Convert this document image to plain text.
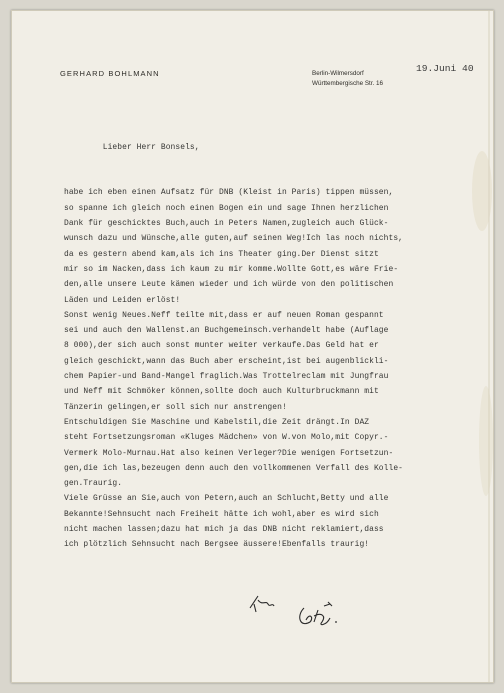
GERHARD BOHLMANN	Berlin-Wilmersdorf
Württembergische Str. 16
19.Juni 40

Lieber Herr Bonsels,

habe ich eben einen Aufsatz für DNB (Kleist in Paris) tippen müssen,
so spanne ich gleich noch einen Bogen ein und sage Ihnen herzlichen
Dank für geschicktes Buch,auch in Peters Namen,zugleich auch Glück-
wunsch dazu und Wünsche,alle guten,auf seinen Weg!Ich las noch nichts,
da es gestern abend kam,als ich ins Theater ging.Der Dienst sitzt
mir so im Nacken,dass ich kaum zu mir komme.Wollte Gott,es wäre Frie-
den,alle unsere Leute kämen wieder und ich würde von den politischen
Läden und Leiden erlöst!
Sonst wenig Neues.Neff teilte mit,dass er auf neuen Roman gespannt
sei und auch den Wallenst.an Buchgemeinsch.verhandelt habe (Auflage
8 000),der sich auch sonst munter weiter verkaufe.Das Geld hat er
gleich geschickt,wann das Buch aber erscheint,ist bei augenblickli-
chem Papier-und Band-Mangel fraglich.Was Trottelreclam mit Jungfrau
und Neff mit Schmöker können,sollte doch auch Kulturbruckmann mit
Tänzerin gelingen,er soll sich nur anstrengen!
Entschuldigen Sie Maschine und Kabelstil,die Zeit drängt.In DAZ
steht Fortsetzungsroman «Kluges Mädchen» von W.von Molo,mit Copyr.-
Vermerk Molo-Murnau.Hat also keinen Verleger?Die wenigen Fortsetzun-
gen,die ich las,bezeugen denn auch den vollkommenen Verfall des Kolle-
gen.Traurig.
Viele Grüsse an Sie,auch von Petern,auch an Schlucht,Betty und alle
Bekannte!Sehnsucht nach Freiheit hätte ich wohl,aber es wird sich
nicht machen lassen;dazu hat mich ja das DNB nicht reklamiert,dass
ich plötzlich Sehnsucht nach Bergsee äussere!Ebenfalls traurig!
